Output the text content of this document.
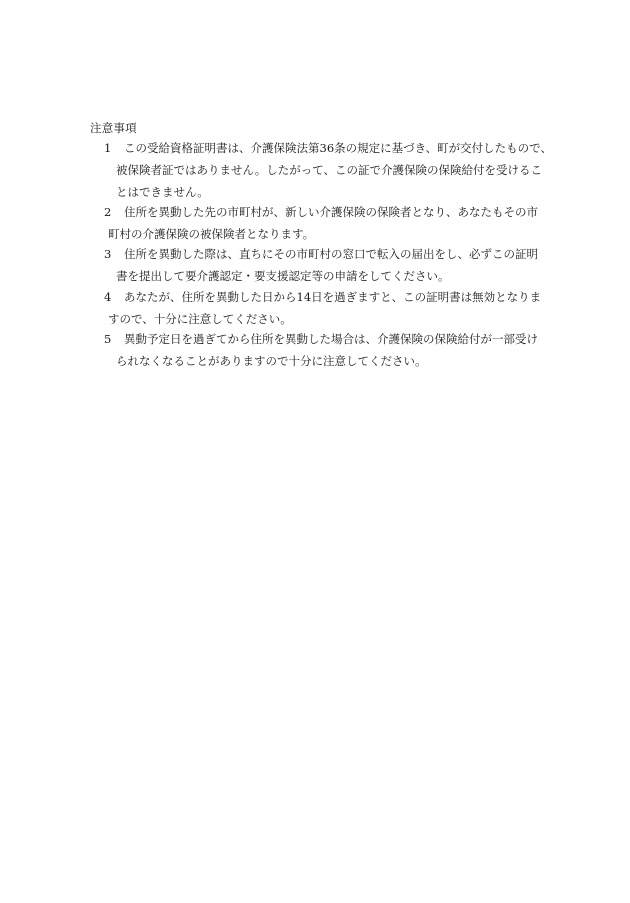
注意事項
1 この受給資格証明書は、介護保険法第36条の規定に基づき、町が交付したもので、
被保険者証ではありません。したがって、この証で介護保険の保険給付を受けるこ
とはできません。
2 住所を異動した先の市町村が、新しい介護保険の保険者となり、あなたもその市
町村の介護保険の被保険者となります。
3 住所を異動した際は、直ちにその市町村の窓口で転入の届出をし、必ずこの証明
書を提出して要介護認定・要支援認定等の申請をしてください。
4 あなたが、住所を異動した日から14日を過ぎますと、この証明書は無効となりま
すので、十分に注意してください。
5 異動予定日を過ぎてから住所を異動した場合は、介護保険の保険給付が一部受け
られなくなることがありますので十分に注意してください。
